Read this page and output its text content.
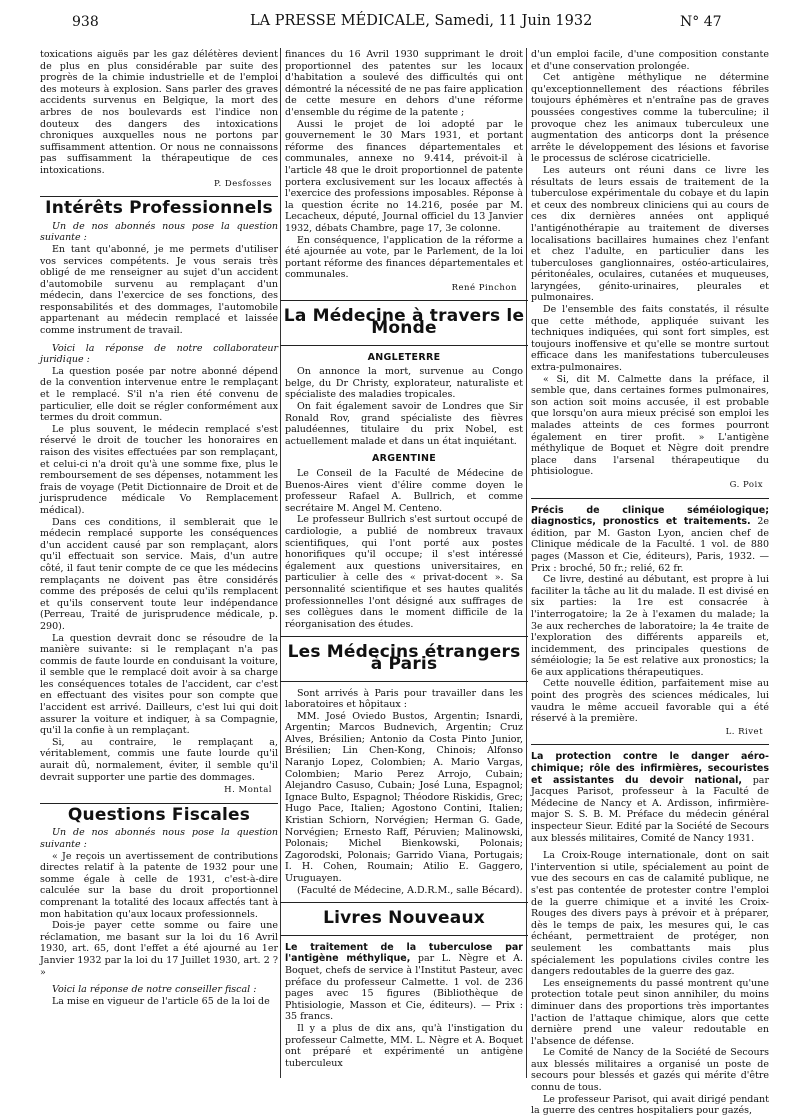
938	LA PRESSE MÉDICALE, Samedi, 11 Juin 1932	N° 47

toxications aiguës par les gaz délétères devient de plus en plus considérable par suite des progrès de la chimie industrielle et de l'emploi des moteurs à explosion. Sans parler des graves accidents survenus en Belgique, la mort des arbres de nos boulevards est l'indice non douteux des dangers des intoxications chroniques auxquelles nous ne portons par suffisamment attention. Or nous ne connaissons pas suffisamment la thérapeutique de ces intoxications.

P. Desfosses
Intérêts Professionnels

Un de nos abonnés nous pose la question suivante :

En tant qu'abonné, je me permets d'utiliser vos services compétents. Je vous serais très obligé de me renseigner au sujet d'un accident d'automobile survenu au remplaçant d'un médecin, dans l'exercice de ses fonctions, des responsabilités et des dommages, l'automobile appartenant au médecin remplacé et laissée comme instrument de travail.

Voici la réponse de notre collaborateur juridique :

La question posée par notre abonné dépend de la convention intervenue entre le remplaçant et le remplacé. S'il n'a rien été convenu de particulier, elle doit se régler conformément aux termes du droit commun.

Le plus souvent, le médecin remplacé s'est réservé le droit de toucher les honoraires en raison des visites effectuées par son remplaçant, et celui-ci n'a droit qu'à une somme fixe, plus le remboursement de ses dépenses, notamment les frais de voyage (Petit Dictionnaire de Droit et de jurisprudence médicale Vo Remplacement médical).

Dans ces conditions, il semblerait que le médecin remplacé supporte les conséquences d'un accident causé par son remplaçant, alors qu'il effectuait son service. Mais, d'un autre côté, il faut tenir compte de ce que les médecins remplaçants ne doivent pas être considérés comme des préposés de celui qu'ils remplacent et qu'ils conservent toute leur indépendance (Perreau, Traité de jurisprudence médicale, p. 290).

La question devrait donc se résoudre de la manière suivante: si le remplaçant n'a pas commis de faute lourde en conduisant la voiture, il semble que le remplacé doit avoir à sa charge les conséquences totales de l'accident, car c'est en effectuant des visites pour son compte que l'accident est arrivé. Dailleurs, c'est lui qui doit assurer la voiture et indiquer, à sa Compagnie, qu'il la confie à un remplaçant.

Si, au contraire, le remplaçant a, véritablement, commis une faute lourde qu'il aurait dû, normalement, éviter, il semble qu'il devrait supporter une partie des dommages.

H. Montal
Questions Fiscales

Un de nos abonnés nous pose la question suivante :

« Je reçois un avertissement de contributions directes relatif à la patente de 1932 pour une somme égale à celle de 1931, c'est-à-dire calculée sur la base du droit proportionnel comprenant la totalité des locaux affectés tant à mon habitation qu'aux locaux professionnels.

Dois-je payer cette somme ou faire une réclamation, me basant sur la loi du 16 Avril 1930, art. 65, dont l'effet a été ajourné au 1er Janvier 1932 par la loi du 17 Juillet 1930, art. 2 ? »

Voici la réponse de notre conseiller fiscal :

La mise en vigueur de l'article 65 de la loi de

finances du 16 Avril 1930 supprimant le droit proportionnel des patentes sur les locaux d'habitation a soulevé des difficultés qui ont démontré la nécessité de ne pas faire application de cette mesure en dehors d'une réforme d'ensemble du régime de la patente ;

Aussi le projet de loi adopté par le gouvernement le 30 Mars 1931, et portant réforme des finances départementales et communales, annexe no 9.414, prévoit-il à l'article 48 que le droit proportionnel de patente portera exclusivement sur les locaux affectés à l'exercice des professions imposables. Réponse à la question écrite no 14.216, posée par M. Lecacheux, député, Journal officiel du 13 Janvier 1932, débats Chambre, page 17, 3e colonne.

En conséquence, l'application de la réforme a été ajournée au vote, par le Parlement, de la loi portant réforme des finances départementales et communales.

René Pinchon
La Médecine à travers le Monde
ANGLETERRE

On annonce la mort, survenue au Congo belge, du Dr Christy, explorateur, naturaliste et spécialiste des maladies tropicales.

On fait également savoir de Londres que Sir Ronald Rov, grand spécialiste des fièvres paludéennes, titulaire du prix Nobel, est actuellement malade et dans un état inquiétant.

ARGENTINE

Le Conseil de la Faculté de Médecine de Buenos-Aires vient d'élire comme doyen le professeur Rafael A. Bullrich, et comme secrétaire M. Angel M. Centeno.

Le professeur Bullrich s'est surtout occupé de cardiologie, a publié de nombreux travaux scientifiques, qui l'ont porté aux postes honorifiques qu'il occupe; il s'est intéressé également aux questions universitaires, en particulier à celle des « privat-docent ». Sa personnalité scientifique et ses hautes qualités professionnelles l'ont désigné aux suffrages de ses collègues dans le moment difficile de la réorganisation des études.

Les Médecins étrangers à Paris

Sont arrivés à Paris pour travailler dans les laboratoires et hôpitaux :

MM. José Oviedo Bustos, Argentin; Isnardi, Argentin; Marcos Budnevich, Argentin; Cruz Alves, Brésilien; Antonio da Costa Pinto Junior, Brésilien; Lin Chen-Kong, Chinois; Alfonso Naranjo Lopez, Colombien; A. Mario Vargas, Colombien; Mario Perez Arrojo, Cubain; Alejandro Casuso, Cubain; José Luna, Espagnol; Ignace Bulto, Espagnol; Théodore Riskidis, Grec; Hugo Pace, Italien; Agostono Contini, Italien; Kristian Schiorn, Norvégien; Herman G. Gade, Norvégien; Ernesto Raff, Péruvien; Malinowski, Polonais; Michel Bienkowski, Polonais; Zagorodski, Polonais; Garrido Viana, Portugais; I. H. Cohen, Roumain; Atilio E. Gaggero, Uruguayen.

(Faculté de Médecine, A.D.R.M., salle Bécard).

Livres Nouveaux

Le traitement de la tuberculose par l'antigène méthylique, par L. Nègre et A. Boquet, chefs de service à l'Institut Pasteur, avec préface du professeur Calmette. 1 vol. de 236 pages avec 15 figures (Bibliothèque de Phtisiologie, Masson et Cie, éditeurs). — Prix : 35 francs.

Il y a plus de dix ans, qu'à l'instigation du professeur Calmette, MM. L. Nègre et A. Boquet ont préparé et expérimenté un antigène tuberculeux

d'un emploi facile, d'une composition constante et d'une conservation prolongée.

Cet antigène méthylique ne détermine qu'exceptionnellement des réactions fébriles toujours éphémères et n'entraîne pas de graves poussées congestives comme la tuberculine; il provoque chez les animaux tuberculeux une augmentation des anticorps dont la présence arrête le développement des lésions et favorise le processus de sclérose cicatricielle.

Les auteurs ont réuni dans ce livre les résultats de leurs essais de traitement de la tuberculose expérimentale du cobaye et du lapin et ceux des nombreux cliniciens qui au cours de ces dix dernières années ont appliqué l'antigénothérapie au traitement de diverses localisations bacillaires humaines chez l'enfant et chez l'adulte, en particulier dans les tuberculoses ganglionnaires, ostéo-articulaires, péritonéales, oculaires, cutanées et muqueuses, laryngées, génito-urinaires, pleurales et pulmonaires.

De l'ensemble des faits constatés, il résulte que cette méthode, appliquée suivant les techniques indiquées, qui sont fort simples, est toujours inoffensive et qu'elle se montre surtout efficace dans les manifestations tuberculeuses extra-pulmonaires.

« Si, dit M. Calmette dans la préface, il semble que, dans certaines formes pulmonaires, son action soit moins accusée, il est probable que lorsqu'on aura mieux précisé son emploi les malades atteints de ces formes pourront également en tirer profit. » L'antigène méthylique de Boquet et Nègre doit prendre place dans l'arsenal thérapeutique du phtisiologue.

G. Poix

Précis de clinique séméiologique; diagnostics, pronostics et traitements. 2e édition, par M. Gaston Lyon, ancien chef de Clinique médicale de la Faculté. 1 vol. de 880 pages (Masson et Cie, éditeurs), Paris, 1932. — Prix : broché, 50 fr.; relié, 62 fr.

Ce livre, destiné au débutant, est propre à lui faciliter la tâche au lit du malade. Il est divisé en six parties: la 1re est consacrée à l'interrogatoire; la 2e à l'examen du malade; la 3e aux recherches de laboratoire; la 4e traite de l'exploration des différents appareils et, incidemment, des principales questions de séméiologie; la 5e est relative aux pronostics; la 6e aux applications thérapeutiques.

Cette nouvelle édition, parfaitement mise au point des progrès des sciences médicales, lui vaudra le même accueil favorable qui a été réservé à la première.

L. Rivet

La protection contre le danger aéro-chimique; rôle des infirmières, secouristes et assistantes du devoir national, par Jacques Parisot, professeur à la Faculté de Médecine de Nancy et A. Ardisson, infirmière-major S. S. B. M. Préface du médecin général inspecteur Sieur. Edité par la Société de Secours aux blessés militaires, Comité de Nancy 1931.

La Croix-Rouge internationale, dont on sait l'intervention si utile, spécialement au point de vue des secours en cas de calamité publique, ne s'est pas contentée de protester contre l'emploi de la guerre chimique et a invité les Croix-Rouges des divers pays à prévoir et à préparer, dès le temps de paix, les mesures qui, le cas échéant, permettraient de protéger, non seulement les combattants mais plus spécialement les populations civiles contre les dangers redoutables de la guerre des gaz.

Les enseignements du passé montrent qu'une protection totale peut sinon annihiler, du moins diminuer dans des proportions très importantes l'action de l'attaque chimique, alors que cette dernière prend une valeur redoutable en l'absence de défense.

Le Comité de Nancy de la Société de Secours aux blessés militaires a organisé un poste de secours pour blessés et gazés qui mérite d'être connu de tous.

Le professeur Parisot, qui avait dirigé pendant la guerre des centres hospitaliers pour gazés,
